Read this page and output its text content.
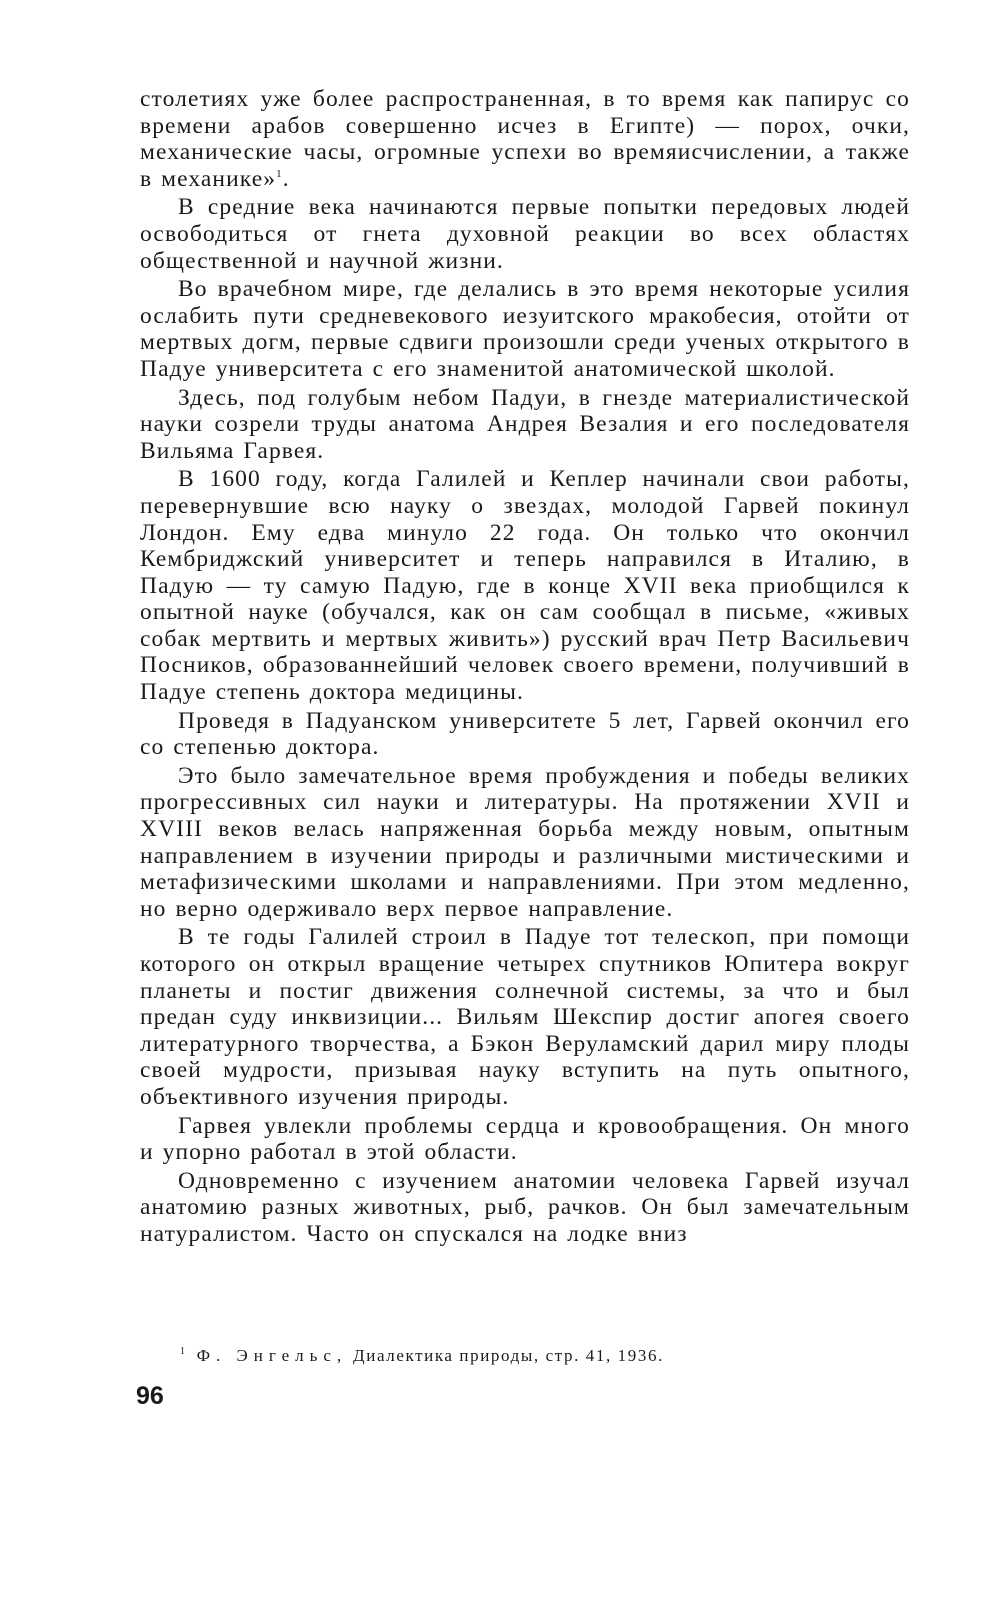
столетиях уже более распространенная, в то время как папирус со времени арабов совершенно исчез в Египте) — порох, очки, механические часы, огромные успехи во времяисчислении, а также в механике»$^1$.

В средние века начинаются первые попытки передовых людей освободиться от гнета духовной реакции во всех областях общественной и научной жизни.

Во врачебном мире, где делались в это время некоторые усилия ослабить пути средневекового иезуитского мракобесия, отойти от мертвых догм, первые сдвиги произошли среди ученых открытого в Падуе университета с его знаменитой анатомической школой.

Здесь, под голубым небом Падуи, в гнезде материалистической науки созрели труды анатома Андрея Везалия и его последователя Вильяма Гарвея.

В 1600 году, когда Галилей и Кеплер начинали свои работы, перевернувшие всю науку о звездах, молодой Гарвей покинул Лондон. Ему едва минуло 22 года. Он только что окончил Кембриджский университет и теперь направился в Италию, в Падую — ту самую Падую, где в конце XVII века приобщился к опытной науке (обучался, как он сам сообщал в письме, «живых собак мертвить и мертвых живить») русский врач Петр Васильевич Посников, образованнейший человек своего времени, получивший в Падуе степень доктора медицины.

Проведя в Падуанском университете 5 лет, Гарвей окончил его со степенью доктора.

Это было замечательное время пробуждения и победы великих прогрессивных сил науки и литературы. На протяжении XVII и XVIII веков велась напряженная борьба между новым, опытным направлением в изучении природы и различными мистическими и метафизическими школами и направлениями. При этом медленно, но верно одерживало верх первое направление.

В те годы Галилей строил в Падуе тот телескоп, при помощи которого он открыл вращение четырех спутников Юпитера вокруг планеты и постиг движения солнечной системы, за что и был предан суду инквизиции... Вильям Шекспир достиг апогея своего литературного творчества, а Бэкон Веруламский дарил миру плоды своей мудрости, призывая науку вступить на путь опытного, объективного изучения природы.

Гарвея увлекли проблемы сердца и кровообращения. Он много и упорно работал в этой области.

Одновременно с изучением анатомии человека Гарвей изучал анатомию разных животных, рыб, рачков. Он был замечательным натуралистом. Часто он спускался на лодке вниз

$^1$ Ф. Энгельс, Диалектика природы, стр. 41, 1936.
96
